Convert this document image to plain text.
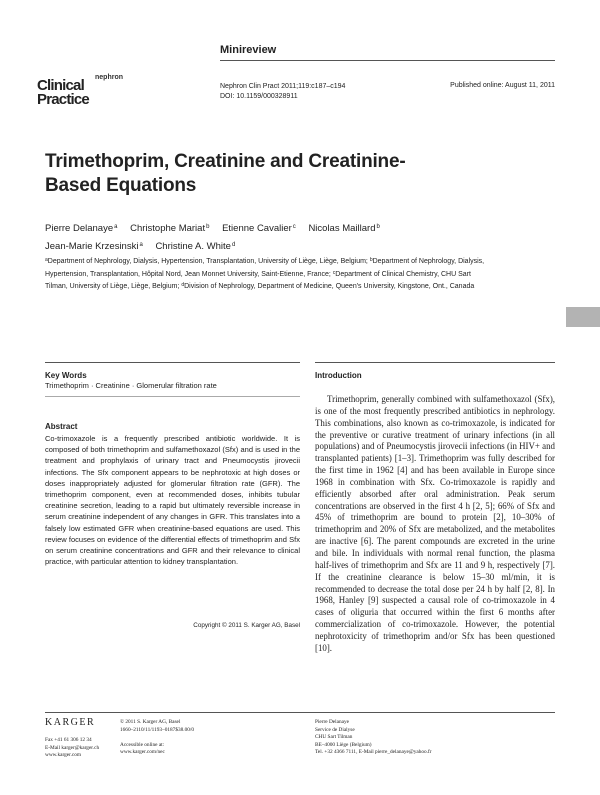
Minireview
nephron
Clinical
Practice
Nephron Clin Pract 2011;119:c187–c194
DOI: 10.1159/000328911
Published online: August 11, 2011
Trimethoprim, Creatinine and Creatinine-Based Equations
Pierre Delanaye$^a$ Christophe Mariat$^b$ Etienne Cavalier$^c$ Nicolas Maillard$^b$ Jean-Marie Krzesinski$^a$ Christine A. White$^d$
$^a$Department of Nephrology, Dialysis, Hypertension, Transplantation, University of Liège, Liège, Belgium; $^b$Department of Nephrology, Dialysis, Hypertension, Transplantation, Hôpital Nord, Jean Monnet University, Saint-Etienne, France; $^c$Department of Clinical Chemistry, CHU Sart Tilman, University of Liège, Liège, Belgium; $^d$Division of Nephrology, Department of Medicine, Queen's University, Kingstone, Ont., Canada
Key Words
Trimethoprim · Creatinine · Glomerular filtration rate
Abstract
Co-trimoxazole is a frequently prescribed antibiotic worldwide. It is composed of both trimethoprim and sulfamethoxazol (Sfx) and is used in the treatment and prophylaxis of urinary tract and Pneumocystis jirovecii infections. The Sfx component appears to be nephrotoxic at high doses or doses inappropriately adjusted for glomerular filtration rate (GFR). The trimethoprim component, even at recommended doses, inhibits tubular creatinine secretion, leading to a rapid but ultimately reversible increase in serum creatinine independent of any changes in GFR. This translates into a falsely low estimated GFR when creatinine-based equations are used. This review focuses on evidence of the differential effects of trimethoprim and Sfx on serum creatinine concentrations and GFR and their relevance to clinical practice, with particular attention to kidney transplantation.
Copyright © 2011 S. Karger AG, Basel
Introduction
Trimethoprim, generally combined with sulfamethoxazol (Sfx), is one of the most frequently prescribed antibiotics in nephrology. This combinations, also known as co-trimoxazole, is indicated for the preventive or curative treatment of urinary infections (in all populations) and of Pneumocystis jirovecii infections (in HIV+ and transplanted patients) [1–3]. Trimethoprim was fully described for the first time in 1962 [4] and has been available in Europe since 1968 in combination with Sfx. Co-trimoxazole is rapidly and efficiently absorbed after oral administration. Peak serum concentrations are observed in the first 4 h [2, 5]; 66% of Sfx and 45% of trimethoprim are bound to protein [2], 10–30% of trimethoprim and 20% of Sfx are metabolized, and the metabolites are inactive [6]. The parent compounds are excreted in the urine and bile. In individuals with normal renal function, the plasma half-lives of trimethoprim and Sfx are 11 and 9 h, respectively [7]. If the creatinine clearance is below 15–30 ml/min, it is recommended to decrease the total dose per 24 h by half [2, 8]. In 1968, Hanley [9] suspected a causal role of co-trimoxazole in 4 cases of oliguria that occurred within the first 6 months after commercialization of co-trimoxazole. However, the potential nephrotoxicity of trimethoprim and/or Sfx has been questioned [10].
KARGER
Fax +41 61 306 12 34
E-Mail karger@karger.ch
www.karger.com
© 2011 S. Karger AG, Basel
1660–2110/11/1193–0187$38.00/0

Accessible online at:
www.karger.com/nec
Pierre Delanaye
Service de Dialyse
CHU Sart Tilman
BE–4000 Liège (Belgium)
Tel. +32 4366 7111, E-Mail pierre_delanaye@yahoo.fr
